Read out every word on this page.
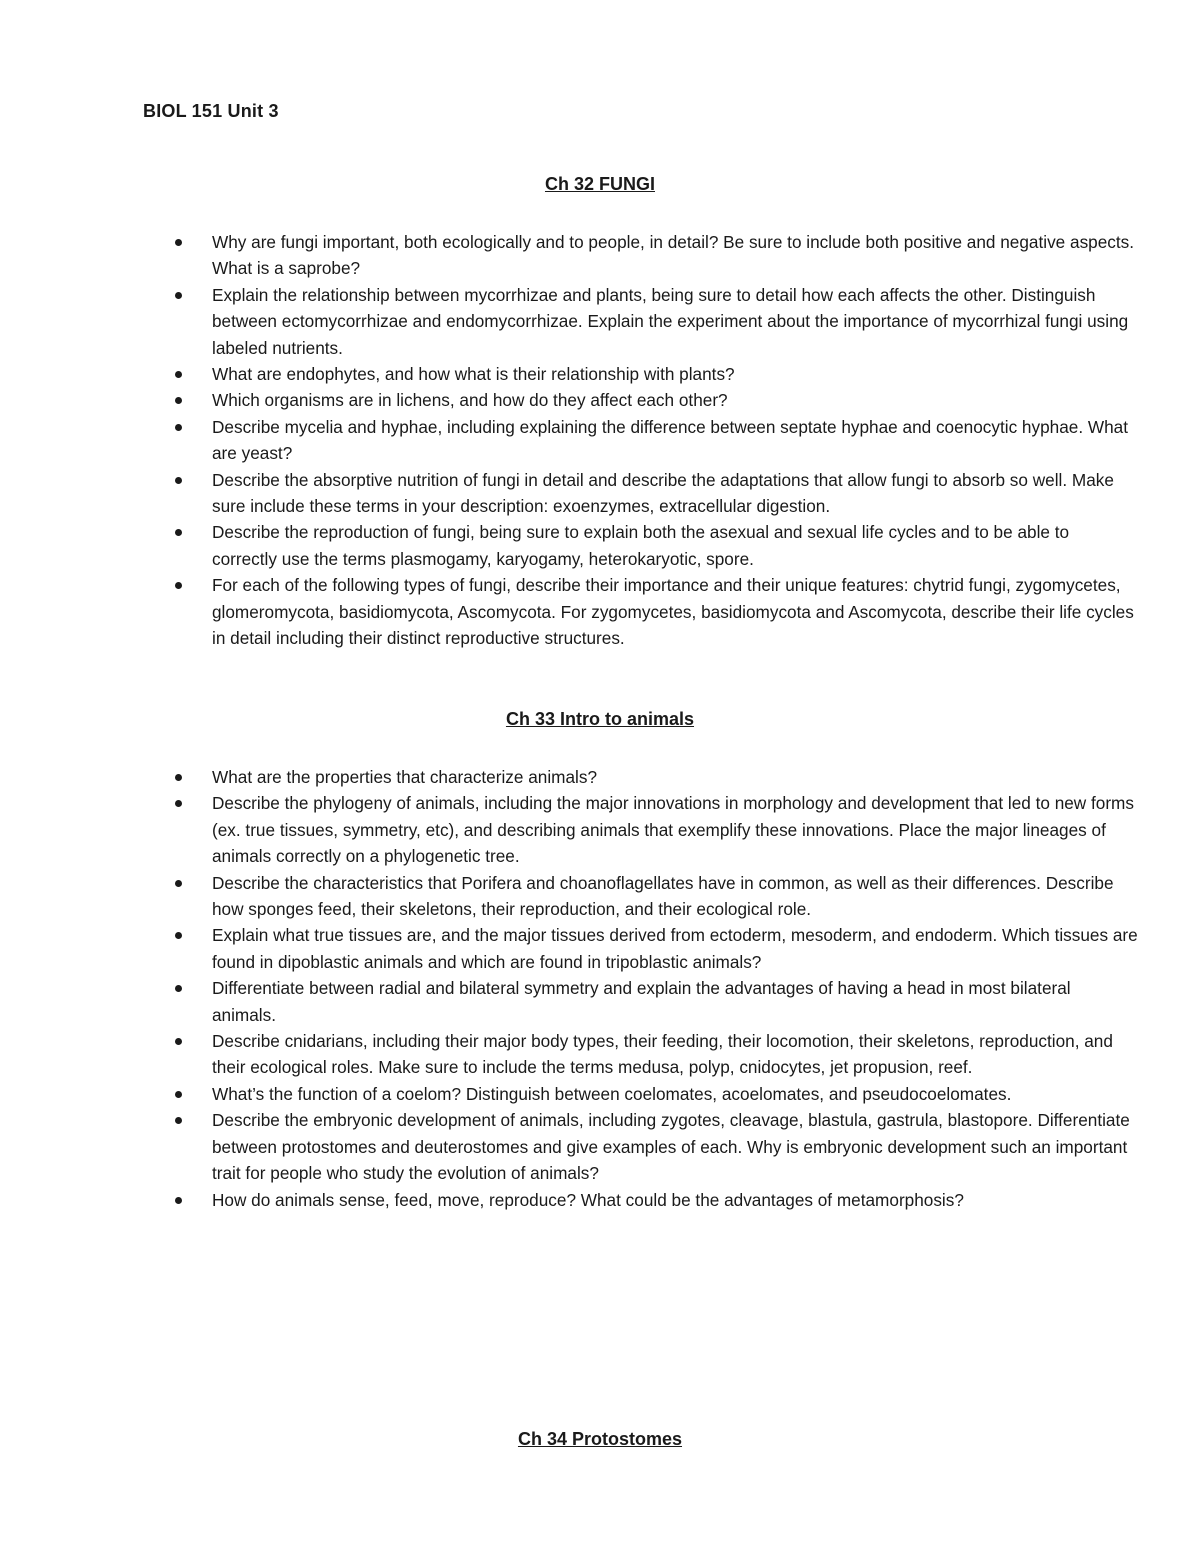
BIOL 151 Unit 3
Ch 32 FUNGI
Why are fungi important, both ecologically and to people, in detail? Be sure to include both positive and negative aspects. What is a saprobe?
Explain the relationship between mycorrhizae and plants, being sure to detail how each affects the other. Distinguish between ectomycorrhizae and endomycorrhizae. Explain the experiment about the importance of mycorrhizal fungi using labeled nutrients.
What are endophytes, and how what is their relationship with plants?
Which organisms are in lichens, and how do they affect each other?
Describe mycelia and hyphae, including explaining the difference between septate hyphae and coenocytic hyphae. What are yeast?
Describe the absorptive nutrition of fungi in detail and describe the adaptations that allow fungi to absorb so well. Make sure include these terms in your description: exoenzymes, extracellular digestion.
Describe the reproduction of fungi, being sure to explain both the asexual and sexual life cycles and to be able to correctly use the terms plasmogamy, karyogamy, heterokaryotic, spore.
For each of the following types of fungi, describe their importance and their unique features: chytrid fungi, zygomycetes, glomeromycota, basidiomycota, Ascomycota. For zygomycetes, basidiomycota and Ascomycota, describe their life cycles in detail including their distinct reproductive structures.
Ch 33 Intro to animals
What are the properties that characterize animals?
Describe the phylogeny of animals, including the major innovations in morphology and development that led to new forms (ex. true tissues, symmetry, etc), and describing animals that exemplify these innovations. Place the major lineages of animals correctly on a phylogenetic tree.
Describe the characteristics that Porifera and choanoflagellates have in common, as well as their differences. Describe how sponges feed, their skeletons, their reproduction, and their ecological role.
Explain what true tissues are, and the major tissues derived from ectoderm, mesoderm, and endoderm. Which tissues are found in dipoblastic animals and which are found in tripoblastic animals?
Differentiate between radial and bilateral symmetry and explain the advantages of having a head in most bilateral animals.
Describe cnidarians, including their major body types, their feeding, their locomotion, their skeletons, reproduction, and their ecological roles. Make sure to include the terms medusa, polyp, cnidocytes, jet propusion, reef.
What’s the function of a coelom? Distinguish between coelomates, acoelomates, and pseudocoelomates.
Describe the embryonic development of animals, including zygotes, cleavage, blastula, gastrula, blastopore. Differentiate between protostomes and deuterostomes and give examples of each. Why is embryonic development such an important trait for people who study the evolution of animals?
How do animals sense, feed, move, reproduce? What could be the advantages of metamorphosis?
Ch 34 Protostomes
